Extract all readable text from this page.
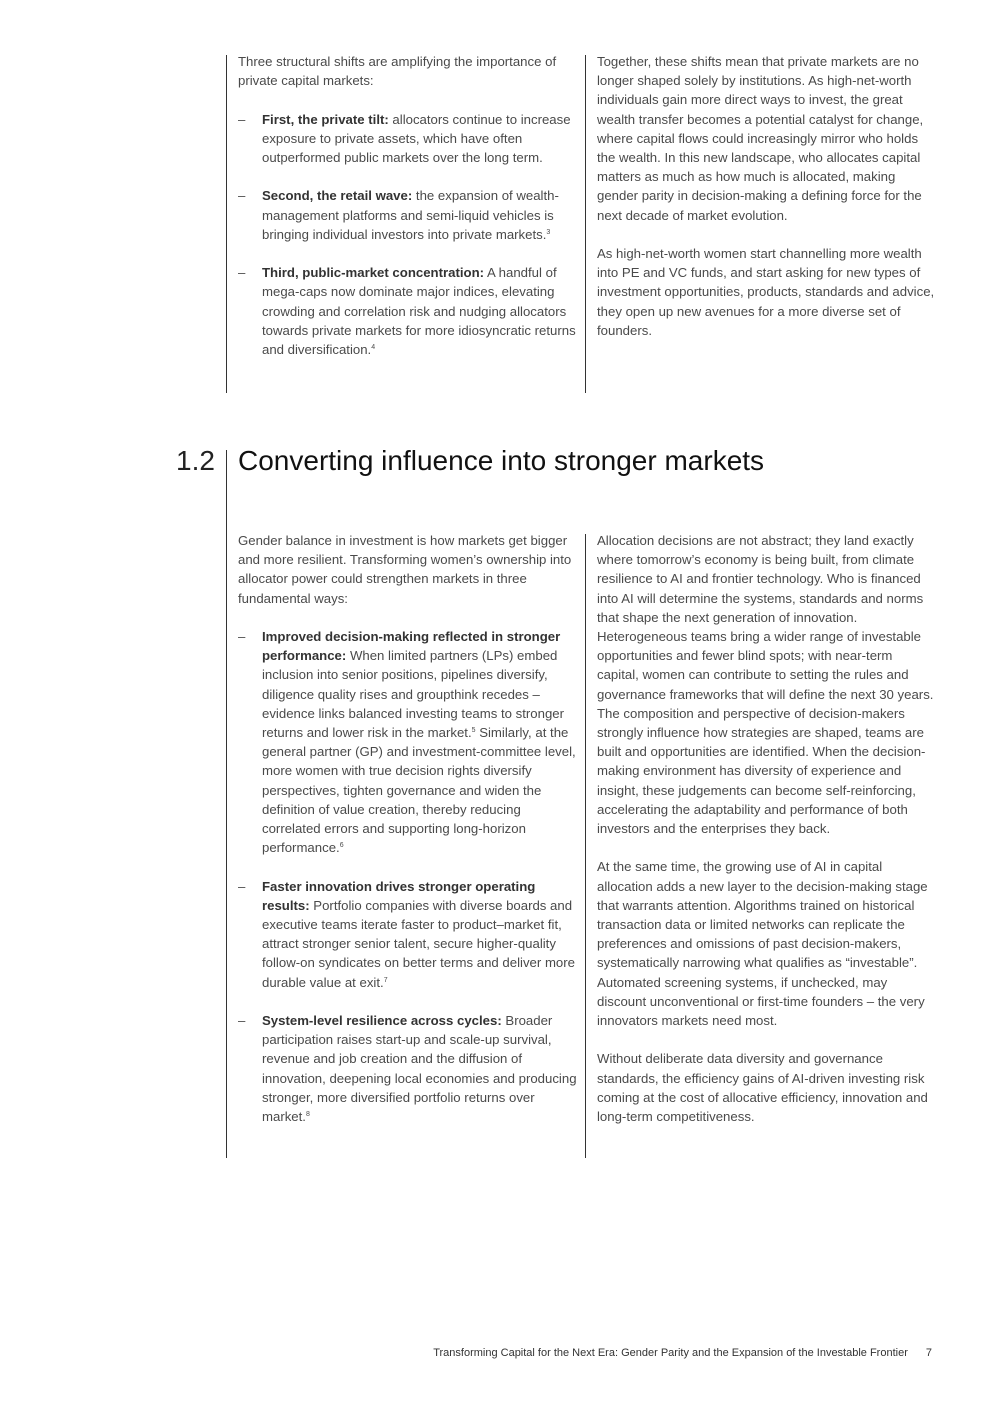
Three structural shifts are amplifying the importance of private capital markets:

– First, the private tilt: allocators continue to increase exposure to private assets, which have often outperformed public markets over the long term.
– Second, the retail wave: the expansion of wealth-management platforms and semi-liquid vehicles is bringing individual investors into private markets.$^3$
– Third, public-market concentration: A handful of mega-caps now dominate major indices, elevating crowding and correlation risk and nudging allocators towards private markets for more idiosyncratic returns and diversification.$^4$

Together, these shifts mean that private markets are no longer shaped solely by institutions. As high-net-worth individuals gain more direct ways to invest, the great wealth transfer becomes a potential catalyst for change, where capital flows could increasingly mirror who holds the wealth. In this new landscape, who allocates capital matters as much as how much is allocated, making gender parity in decision-making a defining force for the next decade of market evolution.

As high-net-worth women start channelling more wealth into PE and VC funds, and start asking for new types of investment opportunities, products, standards and advice, they open up new avenues for a more diverse set of founders.

1.2 Converting influence into stronger markets

Gender balance in investment is how markets get bigger and more resilient. Transforming women’s ownership into allocator power could strengthen markets in three fundamental ways:

– Improved decision-making reflected in stronger performance: When limited partners (LPs) embed inclusion into senior positions, pipelines diversify, diligence quality rises and groupthink recedes – evidence links balanced investing teams to stronger returns and lower risk in the market.$^5$ Similarly, at the general partner (GP) and investment-committee level, more women with true decision rights diversify perspectives, tighten governance and widen the definition of value creation, thereby reducing correlated errors and supporting long-horizon performance.$^6$
– Faster innovation drives stronger operating results: Portfolio companies with diverse boards and executive teams iterate faster to product–market fit, attract stronger senior talent, secure higher-quality follow-on syndicates on better terms and deliver more durable value at exit.$^7$
– System-level resilience across cycles: Broader participation raises start-up and scale-up survival, revenue and job creation and the diffusion of innovation, deepening local economies and producing stronger, more diversified portfolio returns over market.$^8$

Allocation decisions are not abstract; they land exactly where tomorrow’s economy is being built, from climate resilience to AI and frontier technology. Who is financed into AI will determine the systems, standards and norms that shape the next generation of innovation. Heterogeneous teams bring a wider range of investable opportunities and fewer blind spots; with near-term capital, women can contribute to setting the rules and governance frameworks that will define the next 30 years. The composition and perspective of decision-makers strongly influence how strategies are shaped, teams are built and opportunities are identified. When the decision-making environment has diversity of experience and insight, these judgements can become self-reinforcing, accelerating the adaptability and performance of both investors and the enterprises they back.

At the same time, the growing use of AI in capital allocation adds a new layer to the decision-making stage that warrants attention. Algorithms trained on historical transaction data or limited networks can replicate the preferences and omissions of past decision-makers, systematically narrowing what qualifies as “investable”. Automated screening systems, if unchecked, may discount unconventional or first-time founders – the very innovators markets need most.

Without deliberate data diversity and governance standards, the efficiency gains of AI-driven investing risk coming at the cost of allocative efficiency, innovation and long-term competitiveness.

Transforming Capital for the Next Era: Gender Parity and the Expansion of the Investable Frontier 7
